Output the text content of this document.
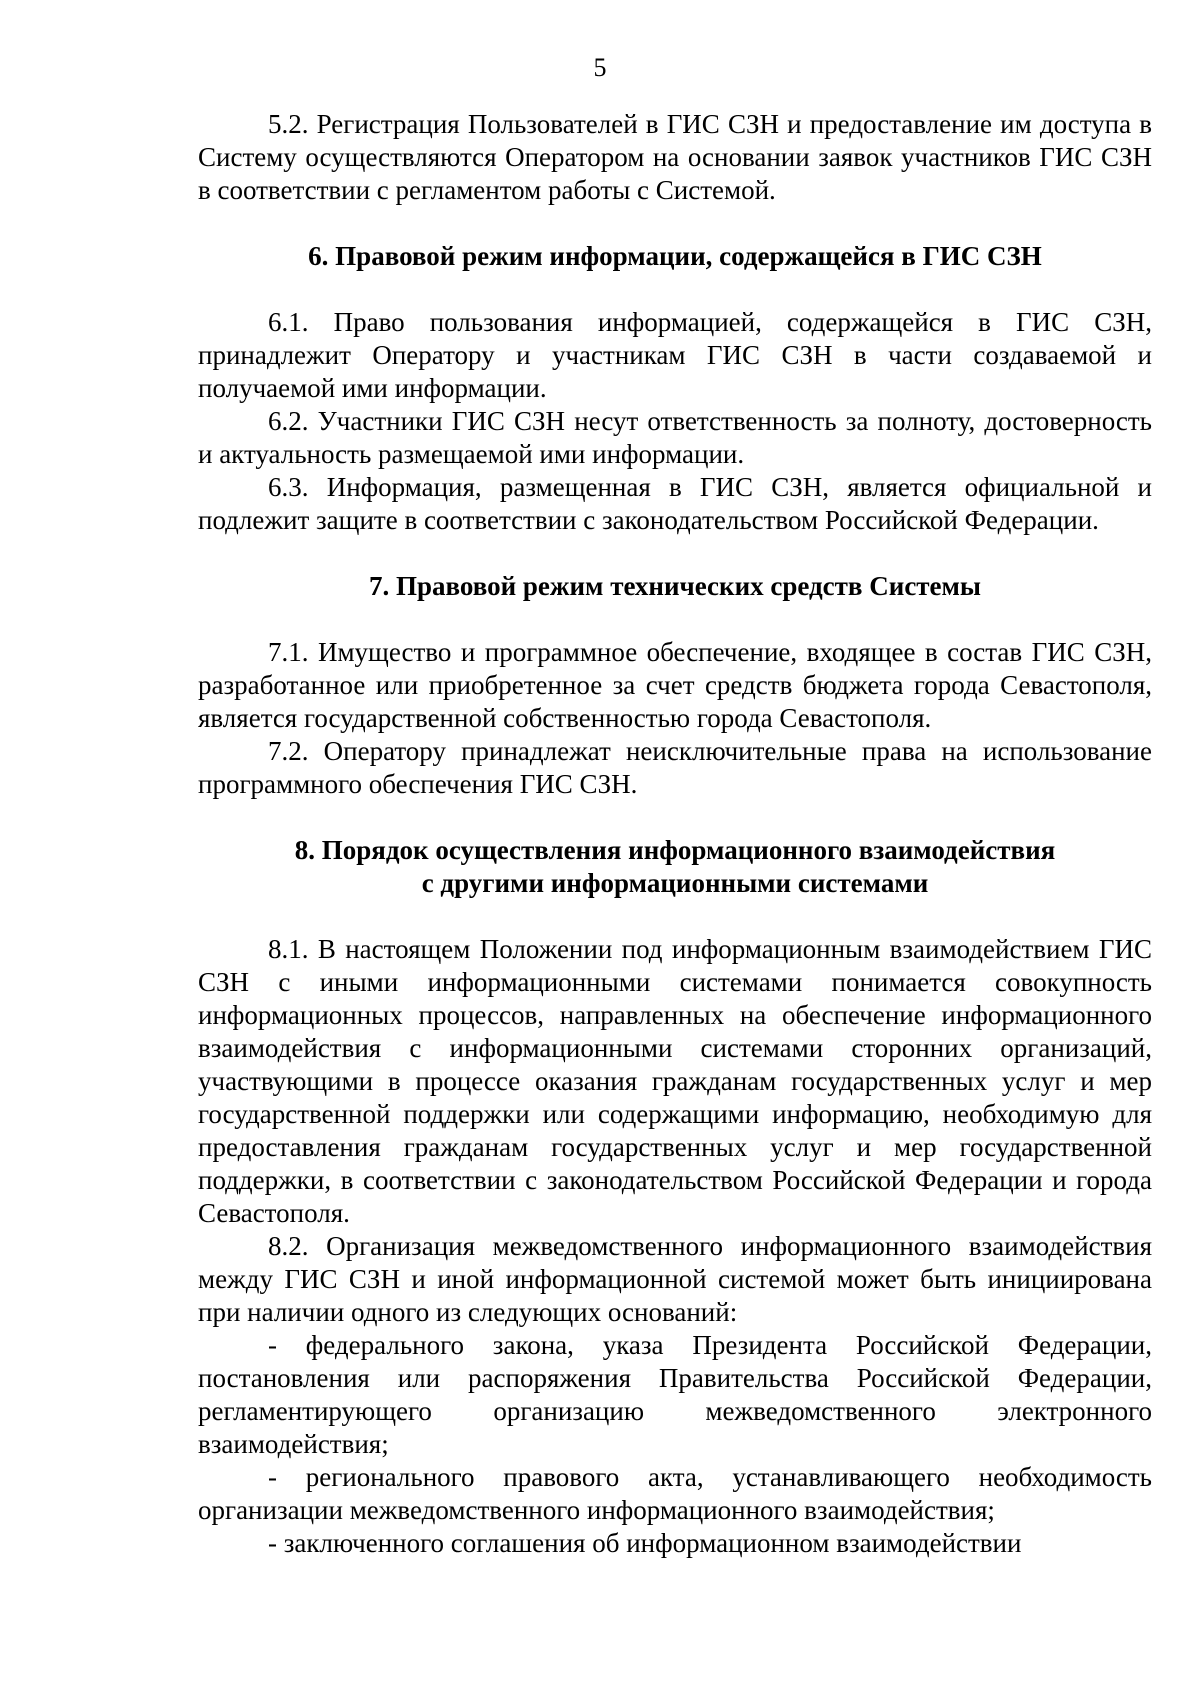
5

5.2. Регистрация Пользователей в ГИС СЗН и предоставление им доступа в Систему осуществляются Оператором на основании заявок участников ГИС СЗН в соответствии с регламентом работы с Системой.

6. Правовой режим информации, содержащейся в ГИС СЗН

6.1. Право пользования информацией, содержащейся в ГИС СЗН, принадлежит Оператору и участникам ГИС СЗН в части создаваемой и получаемой ими информации.

6.2. Участники ГИС СЗН несут ответственность за полноту, достоверность и актуальность размещаемой ими информации.

6.3. Информация, размещенная в ГИС СЗН, является официальной и подлежит защите в соответствии с законодательством Российской Федерации.

7. Правовой режим технических средств Системы

7.1. Имущество и программное обеспечение, входящее в состав ГИС СЗН, разработанное или приобретенное за счет средств бюджета города Севастополя, является государственной собственностью города Севастополя.

7.2. Оператору принадлежат неисключительные права на использование программного обеспечения ГИС СЗН.

8. Порядок осуществления информационного взаимодействия
с другими информационными системами

8.1. В настоящем Положении под информационным взаимодействием ГИС СЗН с иными информационными системами понимается совокупность информационных процессов, направленных на обеспечение информационного взаимодействия с информационными системами сторонних организаций, участвующими в процессе оказания гражданам государственных услуг и мер государственной поддержки или содержащими информацию, необходимую для предоставления гражданам государственных услуг и мер государственной поддержки, в соответствии с законодательством Российской Федерации и города Севастополя.

8.2. Организация межведомственного информационного взаимодействия между ГИС СЗН и иной информационной системой может быть инициирована при наличии одного из следующих оснований:

- федерального закона, указа Президента Российской Федерации, постановления или распоряжения Правительства Российской Федерации, регламентирующего организацию межведомственного электронного взаимодействия;

- регионального правового акта, устанавливающего необходимость организации межведомственного информационного взаимодействия;

- заключенного соглашения об информационном взаимодействии
